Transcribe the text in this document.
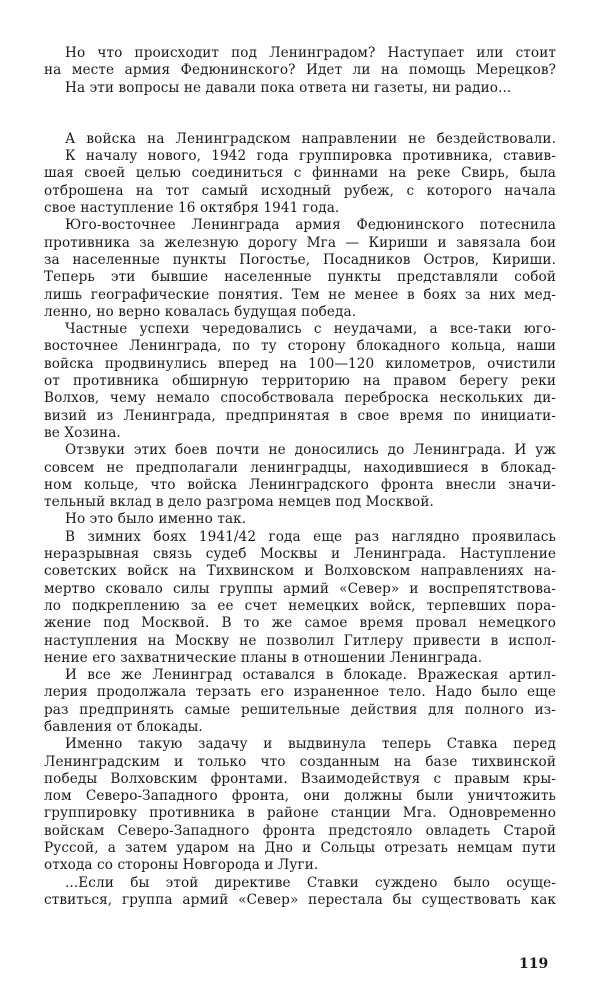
Но что происходит под Ленинградом? Наступает или стоит
на месте армия Федюнинского? Идет ли на помощь Мерецков?
На эти вопросы не давали пока ответа ни газеты, ни радио...
А войска на Ленинградском направлении не бездействовали.
К началу нового, 1942 года группировка противника, ставив-
шая своей целью соединиться с финнами на реке Свирь, была
отброшена на тот самый исходный рубеж, с которого начала
свое наступление 16 октября 1941 года.
Юго-восточнее Ленинграда армия Федюнинского потеснила
противника за железную дорогу Мга — Кириши и завязала бои
за населенные пункты Погостье, Посадников Остров, Кириши.
Теперь эти бывшие населенные пункты представляли собой
лишь географические понятия. Тем не менее в боях за них мед-
ленно, но верно ковалась будущая победа.
Частные успехи чередовались с неудачами, а все-таки юго-
восточнее Ленинграда, по ту сторону блокадного кольца, наши
войска продвинулись вперед на 100—120 километров, очистили
от противника обширную территорию на правом берегу реки
Волхов, чему немало способствовала переброска нескольких ди-
визий из Ленинграда, предпринятая в свое время по инициати-
ве Хозина.
Отзвуки этих боев почти не доносились до Ленинграда. И уж
совсем не предполагали ленинградцы, находившиеся в блокад-
ном кольце, что войска Ленинградского фронта внесли значи-
тельный вклад в дело разгрома немцев под Москвой.
Но это было именно так.
В зимних боях 1941/42 года еще раз наглядно проявилась
неразрывная связь судеб Москвы и Ленинграда. Наступление
советских войск на Тихвинском и Волховском направлениях на-
мертво сковало силы группы армий «Север» и воспрепятствова-
ло подкреплению за ее счет немецких войск, терпевших пора-
жение под Москвой. В то же самое время провал немецкого
наступления на Москву не позволил Гитлеру привести в испол-
нение его захватнические планы в отношении Ленинграда.
И все же Ленинград оставался в блокаде. Вражеская артил-
лерия продолжала терзать его израненное тело. Надо было еще
раз предпринять самые решительные действия для полного из-
бавления от блокады.
Именно такую задачу и выдвинула теперь Ставка перед
Ленинградским и только что созданным на базе тихвинской
победы Волховским фронтами. Взаимодействуя с правым кры-
лом Северо-Западного фронта, они должны были уничтожить
группировку противника в районе станции Мга. Одновременно
войскам Северо-Западного фронта предстояло овладеть Старой
Руссой, а затем ударом на Дно и Сольцы отрезать немцам пути
отхода со стороны Новгорода и Луги.
...Если бы этой директиве Ставки суждено было осуще-
ствиться, группа армий «Север» перестала бы существовать как
119
